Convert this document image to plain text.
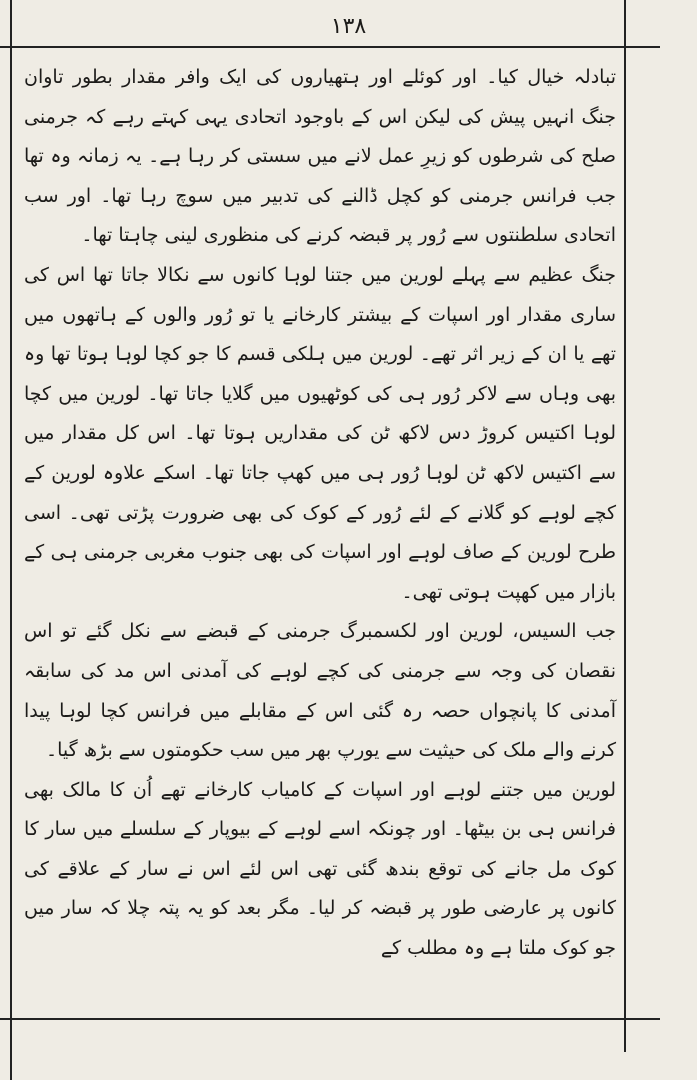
۱۳۸

تبادلہ خیال کیا۔ اور کوئلے اور ہتھیاروں کی ایک وافر مقدار بطور تاوان جنگ انہیں پیش کی لیکن اس کے باوجود اتحادی یہی کہتے رہے کہ جرمنی صلح کی شرطوں کو زیرِ عمل لانے میں سستی کر رہا ہے۔ یہ زمانہ وہ تھا جب فرانس جرمنی کو کچل ڈالنے کی تدبیر میں سوچ رہا تھا۔ اور سب اتحادی سلطنتوں سے رُور پر قبضہ کرنے کی منظوری لینی چاہتا تھا۔

جنگ عظیم سے پہلے لورین میں جتنا لوہا کانوں سے نکالا جاتا تھا اس کی ساری مقدار اور اسپات کے بیشتر کارخانے یا تو رُور والوں کے ہاتھوں میں تھے یا ان کے زیر اثر تھے۔ لورین میں ہلکی قسم کا جو کچا لوہا ہوتا تھا وہ بھی وہاں سے لاکر رُور ہی کی کوٹھیوں میں گلایا جاتا تھا۔ لورین میں کچا لوہا اکتیس کروڑ دس لاکھ ٹن کی مقداریں ہوتا تھا۔ اس کل مقدار میں سے اکتیس لاکھ ٹن لوہا رُور ہی میں کھپ جاتا تھا۔ اسکے علاوہ لورین کے کچے لوہے کو گلانے کے لئے رُور کے کوک کی بھی ضرورت پڑتی تھی۔ اسی طرح لورین کے صاف لوہے اور اسپات کی بھی جنوب مغربی جرمنی ہی کے بازار میں کھپت ہوتی تھی۔

جب السیس، لورین اور لکسمبرگ جرمنی کے قبضے سے نکل گئے تو اس نقصان کی وجہ سے جرمنی کی کچے لوہے کی آمدنی اس مد کی سابقہ آمدنی کا پانچواں حصہ رہ گئی اس کے مقابلے میں فرانس کچا لوہا پیدا کرنے والے ملک کی حیثیت سے یورپ بھر میں سب حکومتوں سے بڑھ گیا۔

لورین میں جتنے لوہے اور اسپات کے کامیاب کارخانے تھے اُن کا مالک بھی فرانس ہی بن بیٹھا۔ اور چونکہ اسے لوہے کے بیوپار کے سلسلے میں سار کا کوک مل جانے کی توقع بندھ گئی تھی اس لئے اس نے سار کے علاقے کی کانوں پر عارضی طور پر قبضہ کر لیا۔ مگر بعد کو یہ پتہ چلا کہ سار میں جو کوک ملتا ہے وہ مطلب کے
